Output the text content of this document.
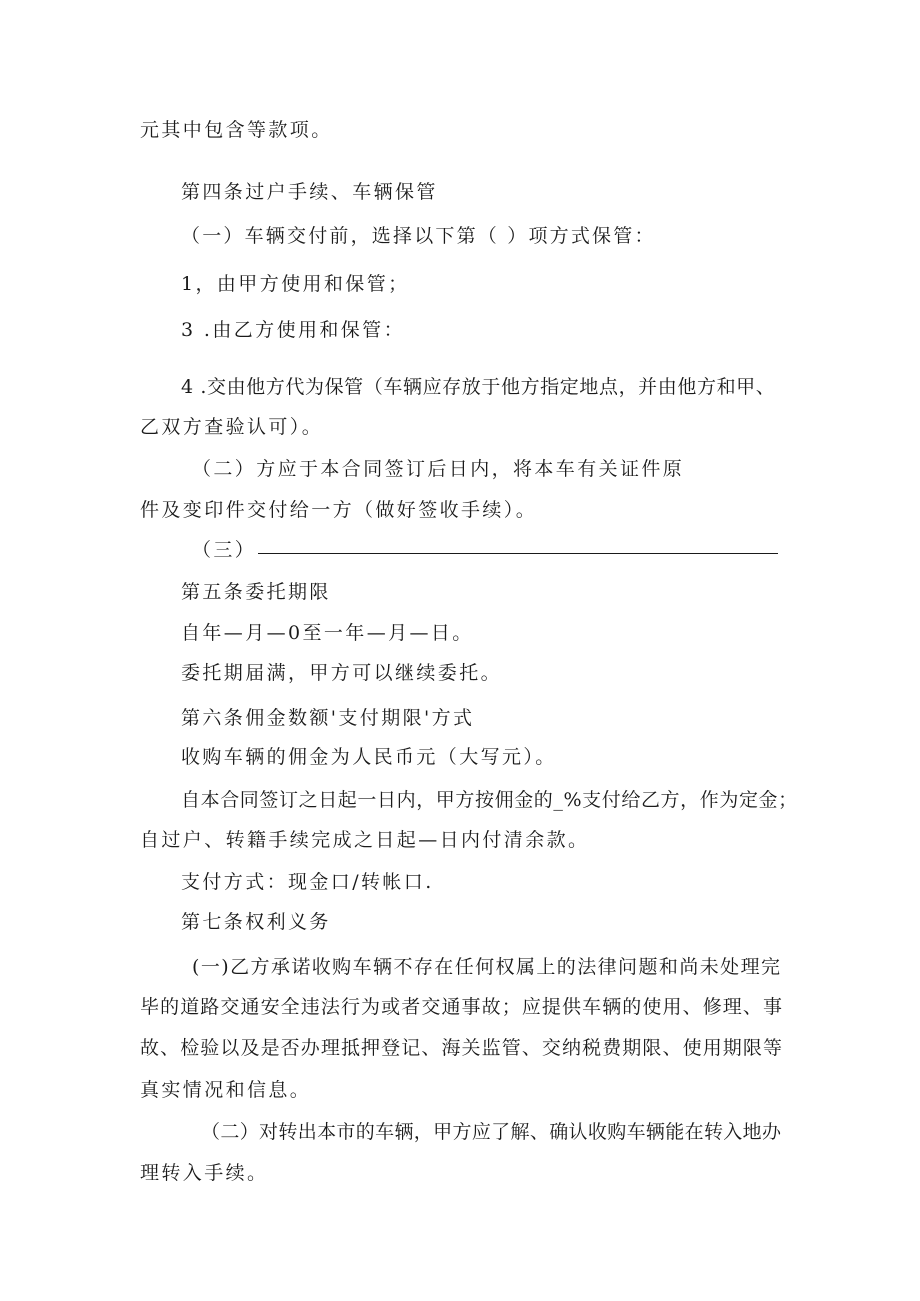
元其中包含等款项。
第四条过户手续、车辆保管
（一）车辆交付前，选择以下第（ ）项方式保管：
1，由甲方使用和保管；
3 .由乙方使用和保管：
4 .交由他方代为保管（车辆应存放于他方指定地点，并由他方和甲、
乙双方查验认可）。
（二）方应于本合同签订后日内，将本车有关证件原
件及变印件交付给一方（做好签收手续）。
（三）
第五条委托期限
自年—月—0至一年—月—日。
委托期届满，甲方可以继续委托。
第六条佣金数额'支付期限'方式
收购车辆的佣金为人民币元（大写元）。
自本合同签订之日起一日内，甲方按佣金的_%支付给乙方，作为定金；
自过户、转籍手续完成之日起—日内付清余款。
支付方式：现金口/转帐口.
第七条权利义务
(一)乙方承诺收购车辆不存在任何权属上的法律问题和尚未处理完
毕的道路交通安全违法行为或者交通事故；应提供车辆的使用、修理、事
故、检验以及是否办理抵押登记、海关监管、交纳税费期限、使用期限等
真实情况和信息。
（二）对转出本市的车辆，甲方应了解、确认收购车辆能在转入地办
理转入手续。
